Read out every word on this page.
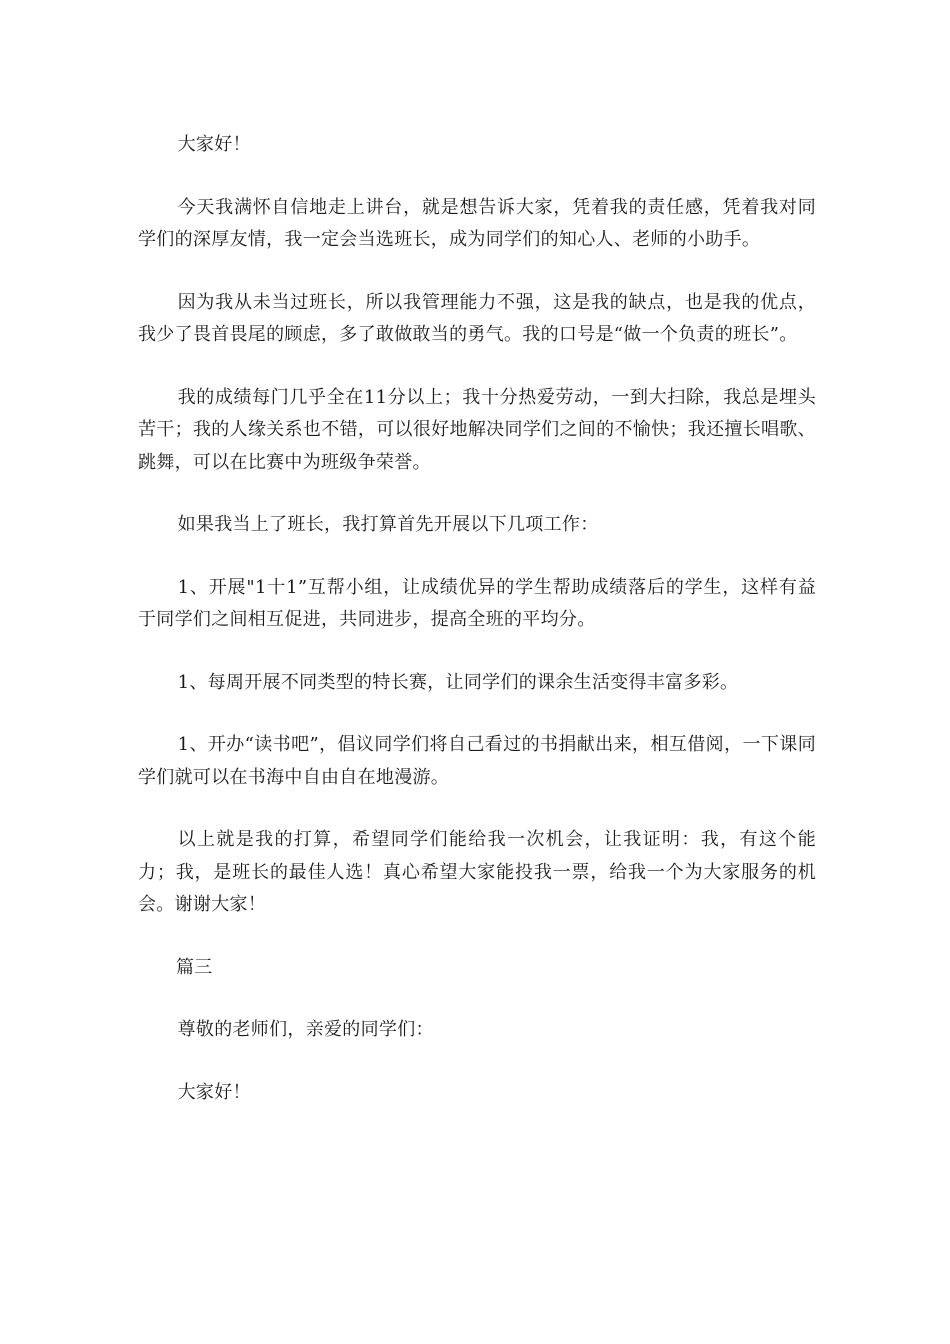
大家好！

今天我满怀自信地走上讲台，就是想告诉大家，凭着我的责任感，凭着我对同学们的深厚友情，我一定会当选班长，成为同学们的知心人、老师的小助手。

因为我从未当过班长，所以我管理能力不强，这是我的缺点，也是我的优点，我少了畏首畏尾的顾虑，多了敢做敢当的勇气。我的口号是“做一个负责的班长”。

我的成绩每门几乎全在11分以上；我十分热爱劳动，一到大扫除，我总是埋头苦干；我的人缘关系也不错，可以很好地解决同学们之间的不愉快；我还擅长唱歌、跳舞，可以在比赛中为班级争荣誉。

如果我当上了班长，我打算首先开展以下几项工作：

1、开展"1十1”互帮小组，让成绩优异的学生帮助成绩落后的学生，这样有益于同学们之间相互促进，共同进步，提高全班的平均分。

1、每周开展不同类型的特长赛，让同学们的课余生活变得丰富多彩。

1、开办“读书吧”，倡议同学们将自己看过的书捐献出来，相互借阅，一下课同学们就可以在书海中自由自在地漫游。

以上就是我的打算，希望同学们能给我一次机会，让我证明：我，有这个能力；我，是班长的最佳人选！真心希望大家能投我一票，给我一个为大家服务的机会。谢谢大家！

篇三

尊敬的老师们，亲爱的同学们：

大家好！
